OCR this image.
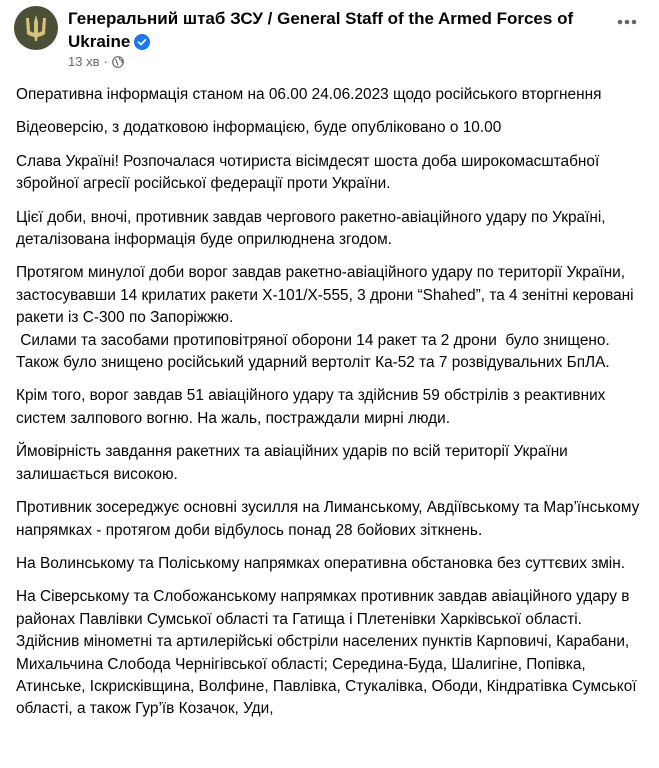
Генеральний штаб ЗСУ / General Staff of the Armed Forces of Ukraine
13 хв ·

Оперативна інформація станом на 06.00 24.06.2023 щодо російського вторгнення

Відеоверсію, з додатковою інформацією, буде опубліковано о 10.00

Слава Україні! Розпочалася чотириста вісімдесят шоста доба широкомасштабної збройної агресії російської федерації проти України.

Цієї доби, вночі, противник завдав чергового ракетно-авіаційного удару по Україні, деталізована інформація буде оприлюднена згодом.

Протягом минулої доби ворог завдав ракетно-авіаційного удару по території України, застосувавши 14 крилатих ракети Х-101/Х-555, 3 дрони “Shahed”, та 4 зенітні керовані ракети із С-300 по Запоріжжю.
Силами та засобами протиповітряної оборони 14 ракет та 2 дрони  було знищено. Також було знищено російський ударний вертоліт Ка-52 та 7 розвідувальних БпЛА.

Крім того, ворог завдав 51 авіаційного удару та здійснив 59 обстрілів з реактивних систем залпового вогню. На жаль, постраждали мирні люди.

Ймовірність завдання ракетних та авіаційних ударів по всій території України залишається високою.

Противник зосереджує основні зусилля на Лиманському, Авдіївському та Мар’їнському напрямках - протягом доби відбулось понад 28 бойових зіткнень.

На Волинському та Поліському напрямках оперативна обстановка без суттєвих змін.

На Сіверському та Слобожанському напрямках противник завдав авіаційного удару в районах Павлівки Сумської області та Гатища і Плетенівки Харківської області. Здійснив мінометні та артилерійські обстріли населених пунктів Карповичі, Карабани, Михальчина Слобода Чернігівської області; Серединa-Буда, Шалигіне, Попівка, Атинське, Іскрисківщина, Волфине, Павлівка, Стукалівка, Ободи, Кіндратівка Сумської області, а також Гур’їв Козачок, Уди,
